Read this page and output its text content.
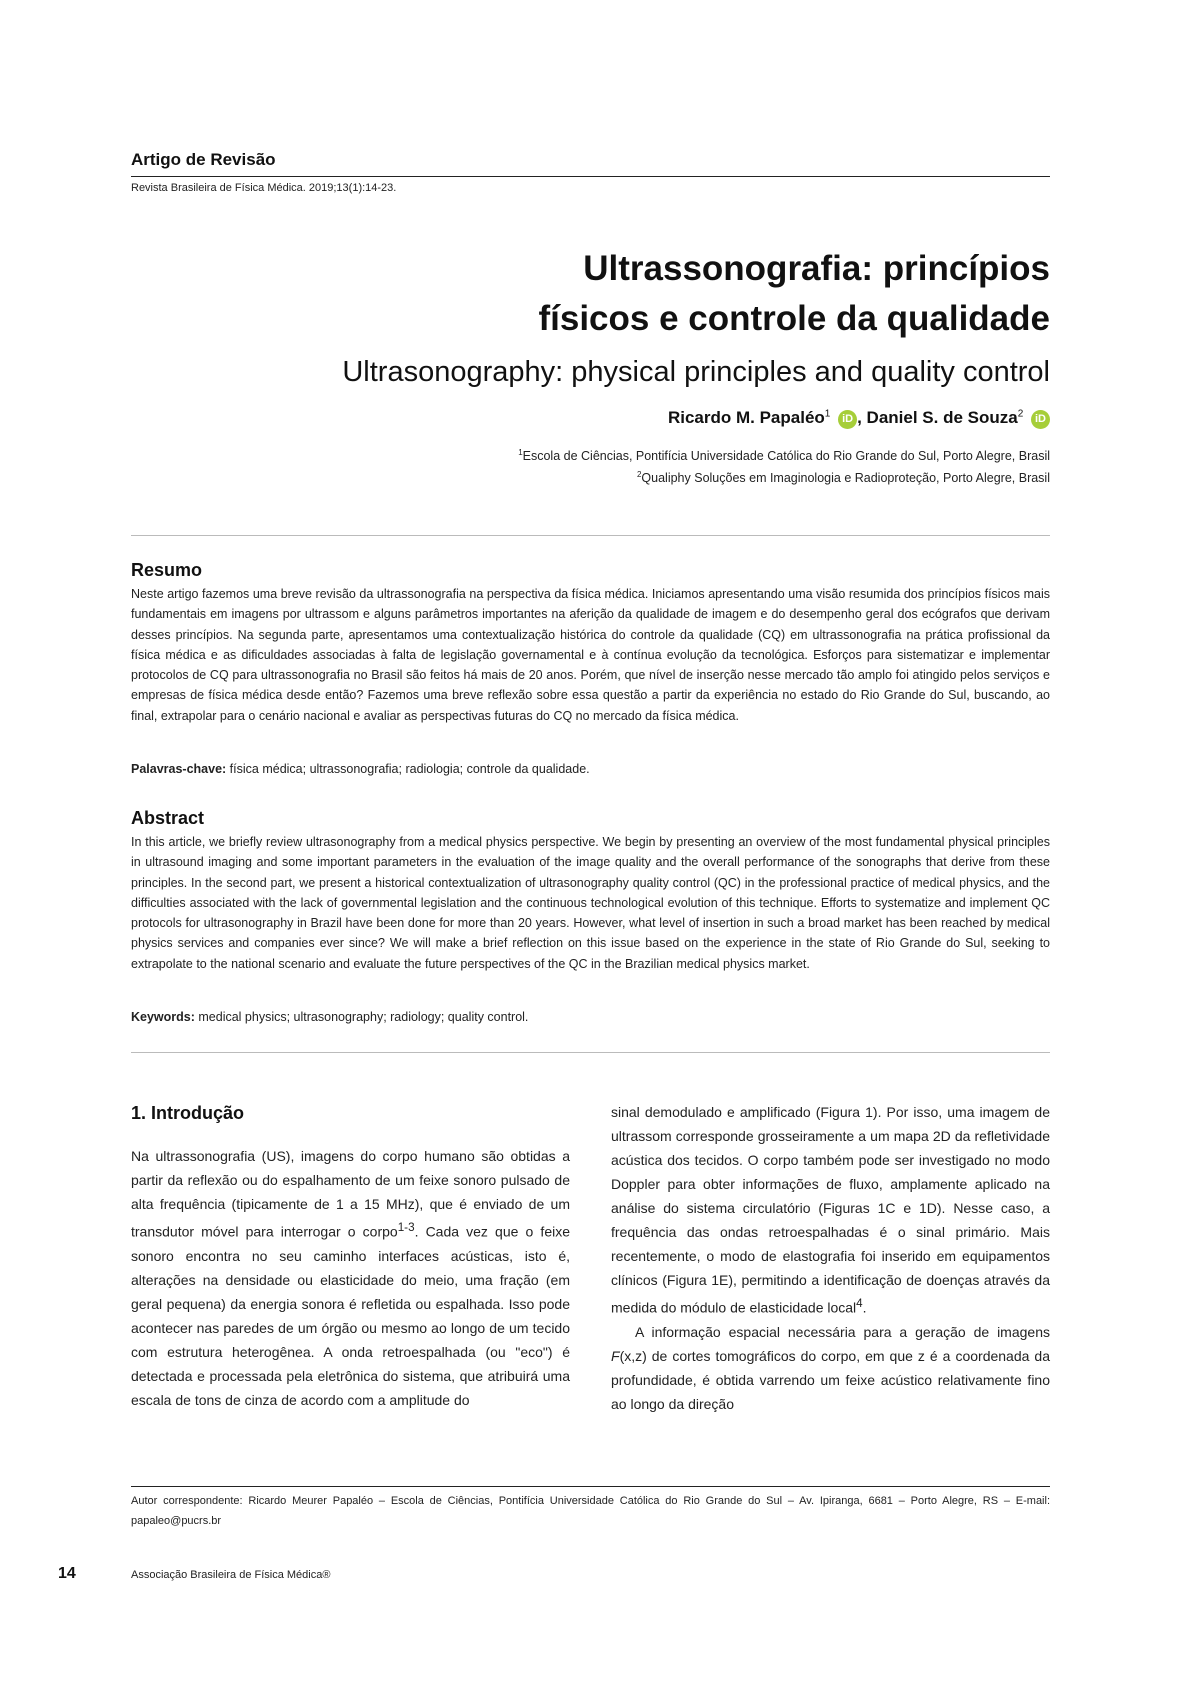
Artigo de Revisão
Revista Brasileira de Física Médica. 2019;13(1):14-23.
Ultrassonografia: princípios
físicos e controle da qualidade
Ultrasonography: physical principles and quality control
Ricardo M. Papaléo$^1$ iD , Daniel S. de Souza$^2$ iD
$^1$Escola de Ciências, Pontifícia Universidade Católica do Rio Grande do Sul, Porto Alegre, Brasil
$^2$Qualiphy Soluções em Imaginologia e Radioproteção, Porto Alegre, Brasil
Resumo

Neste artigo fazemos uma breve revisão da ultrassonografia na perspectiva da física médica. Iniciamos apresentando uma visão resumida dos princípios físicos mais fundamentais em imagens por ultrassom e alguns parâmetros importantes na aferição da qualidade de imagem e do desempenho geral dos ecógrafos que derivam desses princípios. Na segunda parte, apresentamos uma contextualização histórica do controle da qualidade (CQ) em ultrassonografia na prática profissional da física médica e as dificuldades associadas à falta de legislação governamental e à contínua evolução da tecnológica. Esforços para sistematizar e implementar protocolos de CQ para ultrassonografia no Brasil são feitos há mais de 20 anos. Porém, que nível de inserção nesse mercado tão amplo foi atingido pelos serviços e empresas de física médica desde então? Fazemos uma breve reflexão sobre essa questão a partir da experiência no estado do Rio Grande do Sul, buscando, ao final, extrapolar para o cenário nacional e avaliar as perspectivas futuras do CQ no mercado da física médica.

Palavras-chave: física médica; ultrassonografia; radiologia; controle da qualidade.
Abstract

In this article, we briefly review ultrasonography from a medical physics perspective. We begin by presenting an overview of the most fundamental physical principles in ultrasound imaging and some important parameters in the evaluation of the image quality and the overall performance of the sonographs that derive from these principles. In the second part, we present a historical contextualization of ultrasonography quality control (QC) in the professional practice of medical physics, and the difficulties associated with the lack of governmental legislation and the continuous technological evolution of this technique. Efforts to systematize and implement QC protocols for ultrasonography in Brazil have been done for more than 20 years. However, what level of insertion in such a broad market has been reached by medical physics services and companies ever since? We will make a brief reflection on this issue based on the experience in the state of Rio Grande do Sul, seeking to extrapolate to the national scenario and evaluate the future perspectives of the QC in the Brazilian medical physics market.

Keywords: medical physics; ultrasonography; radiology; quality control.
1. Introdução

Na ultrassonografia (US), imagens do corpo humano são obtidas a partir da reflexão ou do espalhamento de um feixe sonoro pulsado de alta frequência (tipicamente de 1 a 15 MHz), que é enviado de um transdutor móvel para interrogar o corpo$^{1-3}$. Cada vez que o feixe sonoro encontra no seu caminho interfaces acústicas, isto é, alterações na densidade ou elasticidade do meio, uma fração (em geral pequena) da energia sonora é refletida ou espalhada. Isso pode acontecer nas paredes de um órgão ou mesmo ao longo de um tecido com estrutura heterogênea. A onda retroespalhada (ou "eco") é detectada e processada pela eletrônica do sistema, que atribuirá uma escala de tons de cinza de acordo com a amplitude do

sinal demodulado e amplificado (Figura 1). Por isso, uma imagem de ultrassom corresponde grosseiramente a um mapa 2D da refletividade acústica dos tecidos. O corpo também pode ser investigado no modo Doppler para obter informações de fluxo, amplamente aplicado na análise do sistema circulatório (Figuras 1C e 1D). Nesse caso, a frequência das ondas retroespalhadas é o sinal primário. Mais recentemente, o modo de elastografia foi inserido em equipamentos clínicos (Figura 1E), permitindo a identificação de doenças através da medida do módulo de elasticidade local$^4$.

A informação espacial necessária para a geração de imagens F(x,z) de cortes tomográficos do corpo, em que z é a coordenada da profundidade, é obtida varrendo um feixe acústico relativamente fino ao longo da direção

Autor correspondente: Ricardo Meurer Papaléo – Escola de Ciências, Pontifícia Universidade Católica do Rio Grande do Sul – Av. Ipiranga, 6681 – Porto Alegre, RS – E-mail: papaleo@pucrs.br
14	Associação Brasileira de Física Médica®
